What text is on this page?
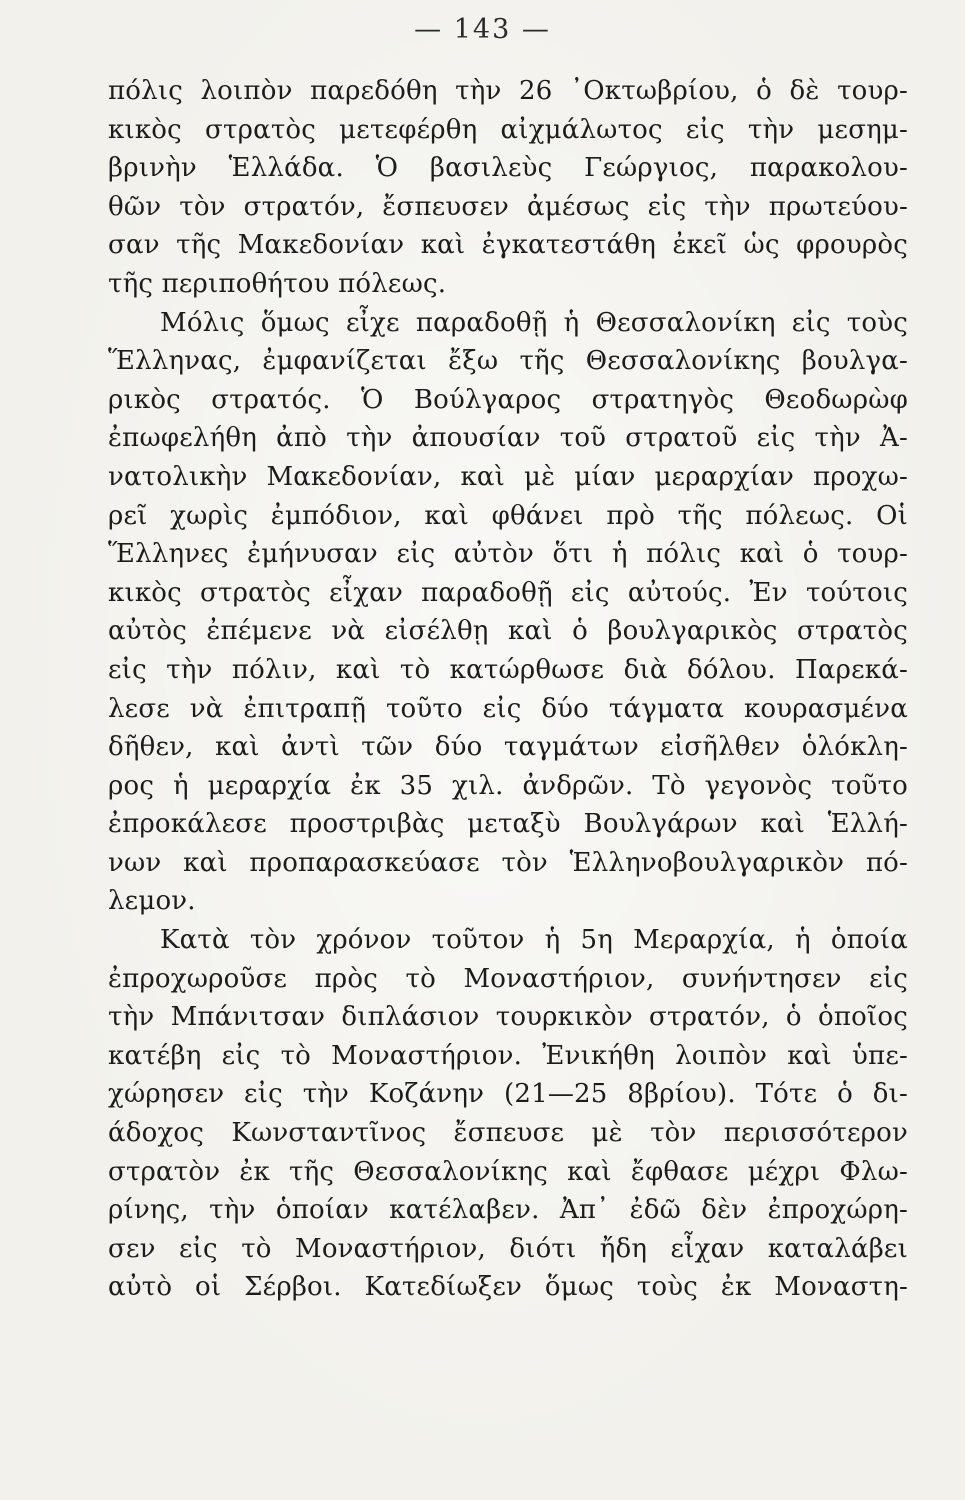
— 143 —
πόλις λοιπὸν παρεδόθη τὴν 26 ᾿Οκτωβρίου, ὁ δὲ τουρ-
κικὸς στρατὸς μετεφέρθη αἰχμάλωτος εἰς τὴν μεσημ-
βρινὴν Ἑλλάδα. Ὁ βασιλεὺς Γεώργιος, παρακολου-
θῶν τὸν στρατόν, ἔσπευσεν ἀμέσως εἰς τὴν πρωτεύου-
σαν τῆς Μακεδονίαν καὶ ἐγκατεστάθη ἐκεῖ ὡς φρουρὸς
τῆς περιποθήτου πόλεως.
Μόλις ὅμως εἶχε παραδοθῇ ἡ Θεσσαλονίκη εἰς τοὺς
Ἕλληνας, ἐμφανίζεται ἔξω τῆς Θεσσαλονίκης βουλγα-
ρικὸς στρατός. Ὁ Βούλγαρος στρατηγὸς Θεοδωρὼφ
ἐπωφελήθη ἀπὸ τὴν ἀπουσίαν τοῦ στρατοῦ εἰς τὴν Ἀ-
νατολικὴν Μακεδονίαν, καὶ μὲ μίαν μεραρχίαν προχω-
ρεῖ χωρὶς ἐμπόδιον, καὶ φθάνει πρὸ τῆς πόλεως. Οἱ
Ἕλληνες ἐμήνυσαν εἰς αὐτὸν ὅτι ἡ πόλις καὶ ὁ τουρ-
κικὸς στρατὸς εἶχαν παραδοθῇ εἰς αὐτούς. Ἐν τούτοις
αὐτὸς ἐπέμενε νὰ εἰσέλθῃ καὶ ὁ βουλγαρικὸς στρατὸς
εἰς τὴν πόλιν, καὶ τὸ κατώρθωσε διὰ δόλου. Παρεκά-
λεσε νὰ ἐπιτραπῇ τοῦτο εἰς δύο τάγματα κουρασμένα
δῆθεν, καὶ ἀντὶ τῶν δύο ταγμάτων εἰσῆλθεν ὁλόκλη-
ρος ἡ μεραρχία ἐκ 35 χιλ. ἀνδρῶν. Τὸ γεγονὸς τοῦτο
ἐπροκάλεσε προστριβὰς μεταξὺ Βουλγάρων καὶ Ἑλλή-
νων καὶ προπαρασκεύασε τὸν Ἑλληνοβουλγαρικὸν πό-
λεμον.
Κατὰ τὸν χρόνον τοῦτον ἡ 5η Μεραρχία, ἡ ὁποία
ἐπροχωροῦσε πρὸς τὸ Μοναστήριον, συνήντησεν εἰς
τὴν Μπάνιτσαν διπλάσιον τουρκικὸν στρατόν, ὁ ὁποῖος
κατέβη εἰς τὸ Μοναστήριον. Ἐνικήθη λοιπὸν καὶ ὑπε-
χώρησεν εἰς τὴν Κοζάνην (21—25 8βρίου). Τότε ὁ δι-
άδοχος Κωνσταντῖνος ἔσπευσε μὲ τὸν περισσότερον
στρατὸν ἐκ τῆς Θεσσαλονίκης καὶ ἔφθασε μέχρι Φλω-
ρίνης, τὴν ὁποίαν κατέλαβεν. Ἀπ᾿ ἐδῶ δὲν ἐπροχώρη-
σεν εἰς τὸ Μοναστήριον, διότι ἤδη εἶχαν καταλάβει
αὐτὸ οἱ Σέρβοι. Κατεδίωξεν ὅμως τοὺς ἐκ Μοναστη-
